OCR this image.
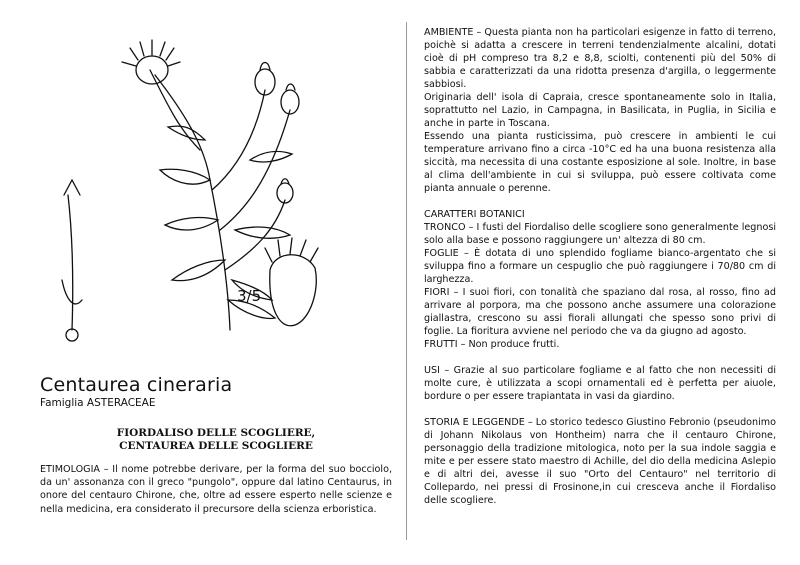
3/5
Centaurea cineraria
Famiglia ASTERACEAE
FIORDALISO DELLE SCOGLIERE,
CENTAUREA DELLE SCOGLIERE
ETIMOLOGIA – Il nome potrebbe derivare, per la forma del suo bocciolo, da un' assonanza con il greco "pungolo", oppure dal latino Centaurus, in onore del centauro Chirone, che, oltre ad essere esperto nelle scienze e nella medicina, era considerato il precursore della scienza erboristica.

AMBIENTE – Questa pianta non ha particolari esigenze in fatto di terreno, poichè si adatta a crescere in terreni tendenzialmente alcalini, dotati cioè di pH compreso tra 8,2 e 8,8, sciolti, contenenti più del 50% di sabbia e caratterizzati da una ridotta presenza d'argilla, o leggermente sabbiosi.

Originaria dell' isola di Capraia, cresce spontaneamente solo in Italia, soprattutto nel Lazio, in Campagna, in Basilicata, in Puglia, in Sicilia e anche in parte in Toscana.

Essendo una pianta rusticissima, può crescere in ambienti le cui temperature arrivano fino a circa -10°C ed ha una buona resistenza alla siccità, ma necessita di una costante esposizione al sole. Inoltre, in base al clima dell'ambiente in cui si sviluppa, può essere coltivata come pianta annuale o perenne.

CARATTERI BOTANICI

TRONCO – I fusti del Fiordaliso delle scogliere sono generalmente legnosi solo alla base e possono raggiungere un' altezza di 80 cm.

FOGLIE – È dotata di uno splendido fogliame bianco-argentato che si sviluppa fino a formare un cespuglio che può raggiungere i 70/80 cm di larghezza.

FIORI – I suoi fiori, con tonalità che spaziano dal rosa, al rosso, fino ad arrivare al porpora, ma che possono anche assumere una colorazione giallastra, crescono su assi fiorali allungati che spesso sono privi di foglie. La fioritura avviene nel periodo che va da giugno ad agosto.

FRUTTI – Non produce frutti.

USI – Grazie al suo particolare fogliame e al fatto che non necessiti di molte cure, è utilizzata a scopi ornamentali ed è perfetta per aiuole, bordure o per essere trapiantata in vasi da giardino.

STORIA E LEGGENDE – Lo storico tedesco Giustino Febronio (pseudonimo di Johann Nikolaus von Hontheim) narra che il centauro Chirone, personaggio della tradizione mitologica, noto per la sua indole saggia e mite e per essere stato maestro di Achille, del dio della medicina Aslepio e di altri dei, avesse il suo "Orto del Centauro" nel territorio di Collepardo, nei pressi di Frosinone,in cui cresceva anche il Fiordaliso delle scogliere.
